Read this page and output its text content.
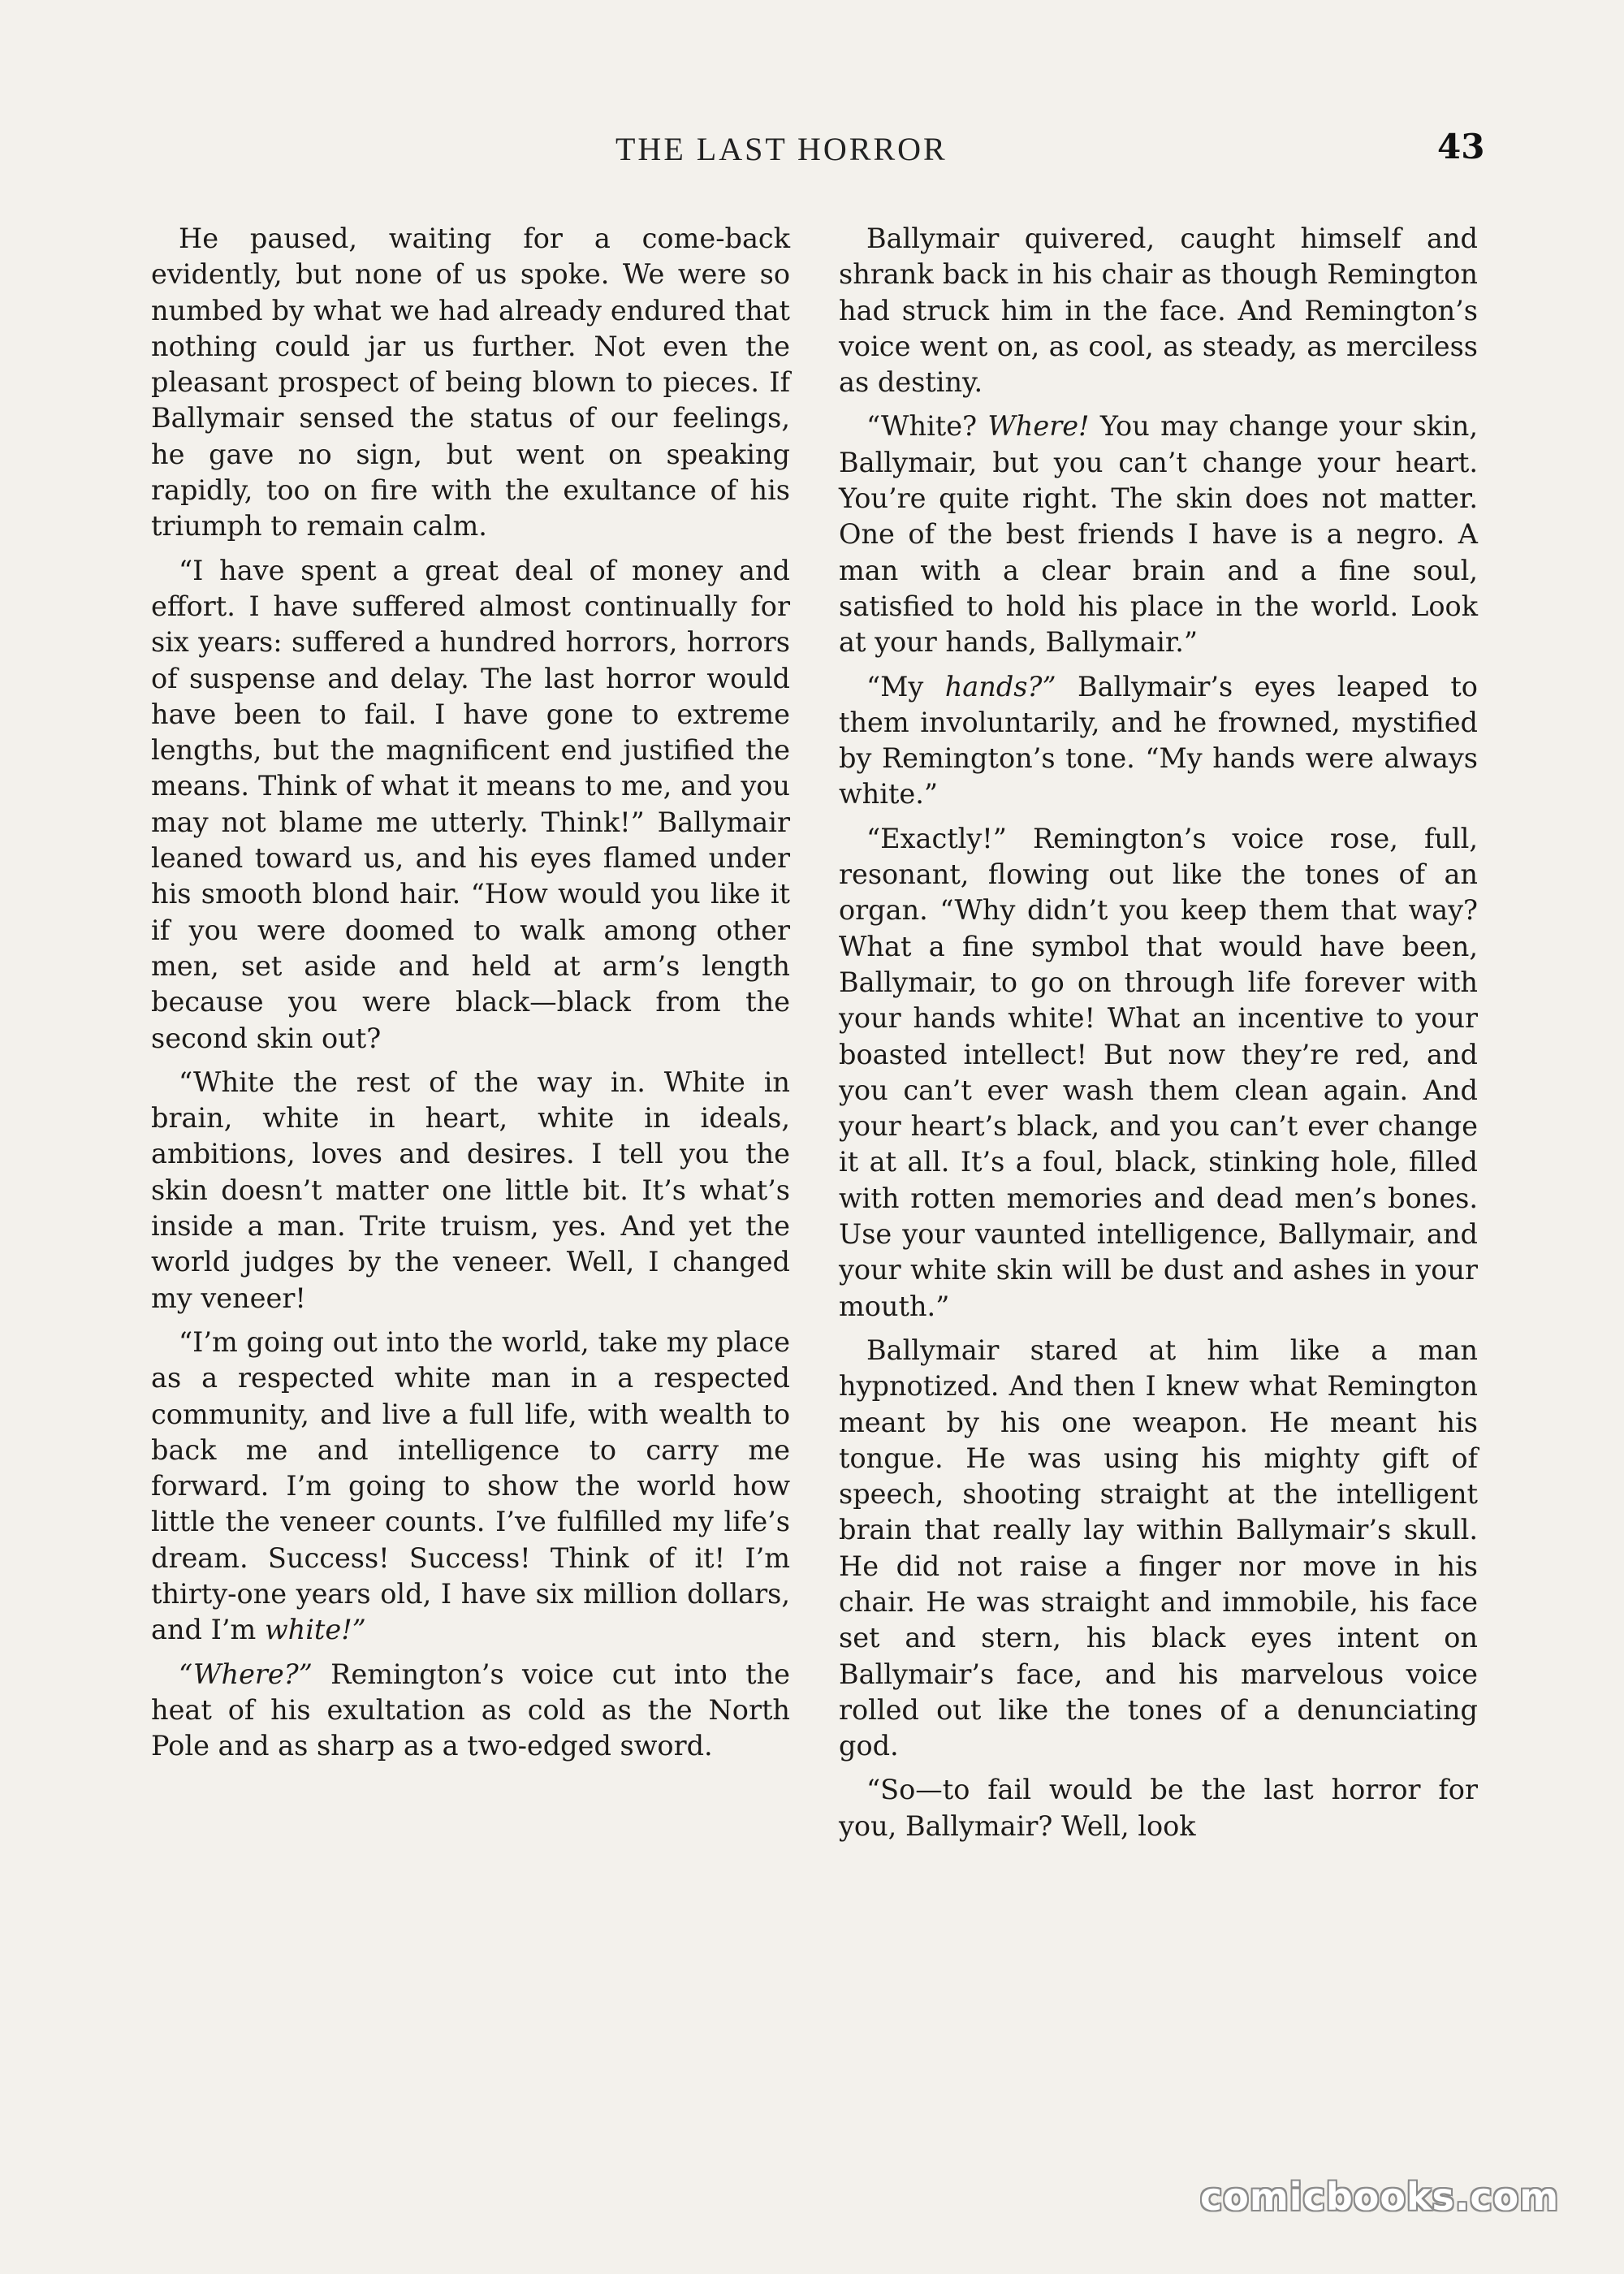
THE LAST HORROR	43

He paused, waiting for a come-back evidently, but none of us spoke. We were so numbed by what we had already endured that nothing could jar us further. Not even the pleasant prospect of being blown to pieces. If Ballymair sensed the status of our feelings, he gave no sign, but went on speaking rapidly, too on fire with the exultance of his triumph to remain calm.

“I have spent a great deal of money and effort. I have suffered almost continually for six years: suffered a hundred horrors, horrors of suspense and delay. The last horror would have been to fail. I have gone to extreme lengths, but the magnificent end justified the means. Think of what it means to me, and you may not blame me utterly. Think!” Ballymair leaned toward us, and his eyes flamed under his smooth blond hair. “How would you like it if you were doomed to walk among other men, set aside and held at arm’s length because you were black—black from the second skin out?

“White the rest of the way in. White in brain, white in heart, white in ideals, ambitions, loves and desires. I tell you the skin doesn’t matter one little bit. It’s what’s inside a man. Trite truism, yes. And yet the world judges by the veneer. Well, I changed my veneer!

“I’m going out into the world, take my place as a respected white man in a respected community, and live a full life, with wealth to back me and intelligence to carry me forward. I’m going to show the world how little the veneer counts. I’ve fulfilled my life’s dream. Success! Success! Think of it! I’m thirty-one years old, I have six million dollars, and I’m white!”

“Where?” Remington’s voice cut into the heat of his exultation as cold as the North Pole and as sharp as a two-edged sword.

Ballymair quivered, caught himself and shrank back in his chair as though Remington had struck him in the face. And Remington’s voice went on, as cool, as steady, as merciless as destiny.

“White? Where! You may change your skin, Ballymair, but you can’t change your heart. You’re quite right. The skin does not matter. One of the best friends I have is a negro. A man with a clear brain and a fine soul, satisfied to hold his place in the world. Look at your hands, Ballymair.”

“My hands?” Ballymair’s eyes leaped to them involuntarily, and he frowned, mystified by Remington’s tone. “My hands were always white.”

“Exactly!” Remington’s voice rose, full, resonant, flowing out like the tones of an organ. “Why didn’t you keep them that way? What a fine symbol that would have been, Ballymair, to go on through life forever with your hands white! What an incentive to your boasted intellect! But now they’re red, and you can’t ever wash them clean again. And your heart’s black, and you can’t ever change it at all. It’s a foul, black, stinking hole, filled with rotten memories and dead men’s bones. Use your vaunted intelligence, Ballymair, and your white skin will be dust and ashes in your mouth.”

Ballymair stared at him like a man hypnotized. And then I knew what Remington meant by his one weapon. He meant his tongue. He was using his mighty gift of speech, shooting straight at the intelligent brain that really lay within Ballymair’s skull. He did not raise a finger nor move in his chair. He was straight and immobile, his face set and stern, his black eyes intent on Ballymair’s face, and his marvelous voice rolled out like the tones of a denunciating god.

“So—to fail would be the last horror for you, Ballymair? Well, look

comicbooks.com
